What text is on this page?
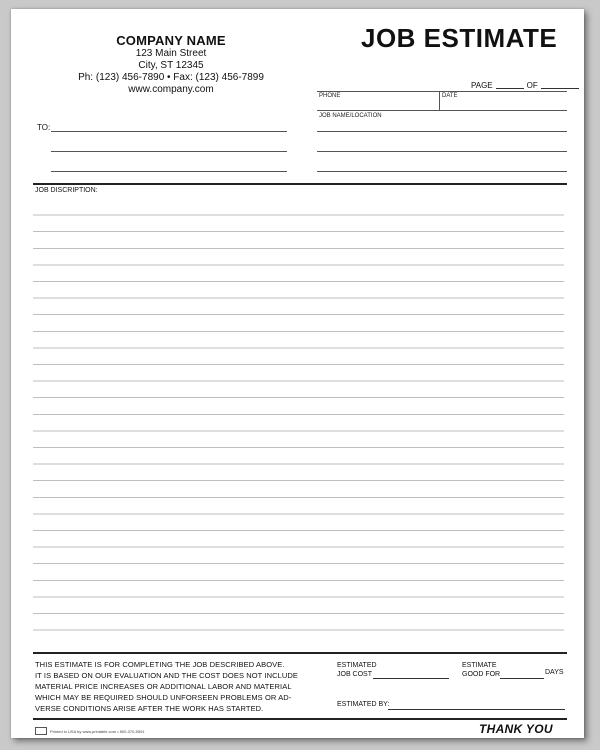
COMPANY NAME
123 Main Street
City, ST 12345
Ph: (123) 456-7890 • Fax: (123) 456-7899
www.company.com
JOB ESTIMATE
PAGE	OF
PHONE	DATE
JOB NAME/LOCATION
TO:
JOB DISCRIPTION:
THIS ESTIMATE IS FOR COMPLETING THE JOB DESCRIBED ABOVE.
IT IS BASED ON OUR EVALUATION AND THE COST DOES NOT INCLUDE
MATERIAL PRICE INCREASES OR ADDITIONAL LABOR AND MATERIAL
WHICH MAY BE REQUIRED SHOULD UNFORSEEN PROBLEMS OR AD-
VERSE CONDITIONS ARISE AFTER THE WORK HAS STARTED.
ESTIMATED
JOB COST
ESTIMATE
GOOD FOR	DAYS
ESTIMATED BY:
THANK YOU
Printed in USA by www.printable.com • 800-370-5591
